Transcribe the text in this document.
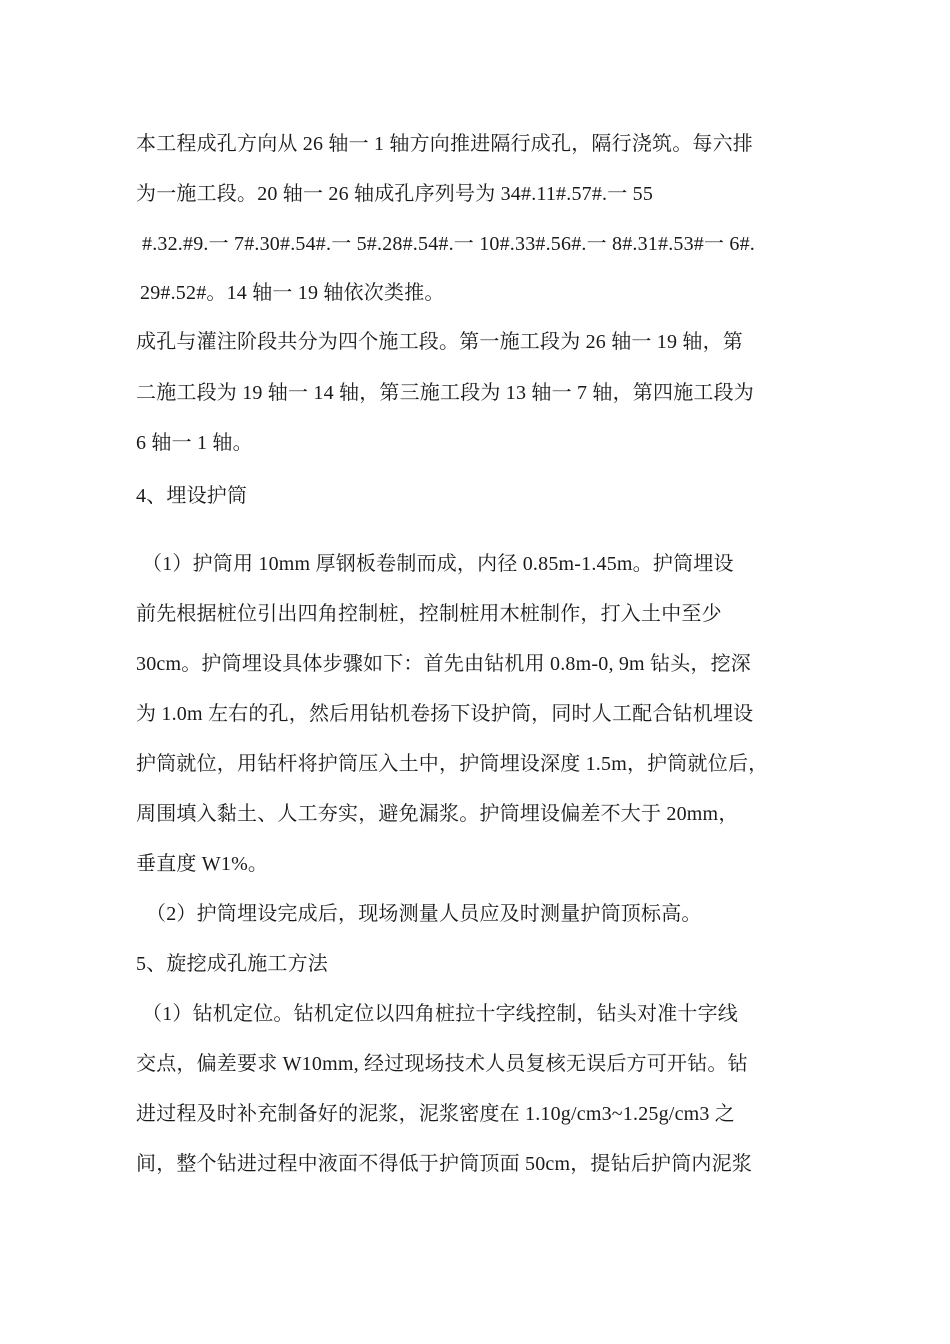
本工程成孔方向从 26 轴一 1 轴方向推进隔行成孔，隔行浇筑。每六排
为一施工段。20 轴一 26 轴成孔序列号为 34#.11#.57#.一 55
#.32.#9.一 7#.30#.54#.一 5#.28#.54#.一 10#.33#.56#.一 8#.31#.53#一 6#.
29#.52#。14 轴一 19 轴依次类推。
成孔与灌注阶段共分为四个施工段。第一施工段为 26 轴一 19 轴，第
二施工段为 19 轴一 14 轴，第三施工段为 13 轴一 7 轴，第四施工段为
6 轴一 1 轴。
4、埋设护筒
（1）护筒用 10mm 厚钢板卷制而成，内径 0.85m-1.45m。护筒埋设
前先根据桩位引出四角控制桩，控制桩用木桩制作，打入土中至少
30cm。护筒埋设具体步骤如下：首先由钻机用 0.8m-0, 9m 钻头，挖深
为 1.0m 左右的孔，然后用钻机卷扬下设护筒，同时人工配合钻机埋设
护筒就位，用钻杆将护筒压入土中，护筒埋设深度 1.5m，护筒就位后，
周围填入黏土、人工夯实，避免漏浆。护筒埋设偏差不大于 20mm，
垂直度 W1%。
（2）护筒埋设完成后，现场测量人员应及时测量护筒顶标高。
5、旋挖成孔施工方法
（1）钻机定位。钻机定位以四角桩拉十字线控制，钻头对准十字线
交点，偏差要求 W10mm, 经过现场技术人员复核无误后方可开钻。钻
进过程及时补充制备好的泥浆，泥浆密度在 1.10g/cm3~1.25g/cm3 之
间，整个钻进过程中液面不得低于护筒顶面 50cm，提钻后护筒内泥浆
